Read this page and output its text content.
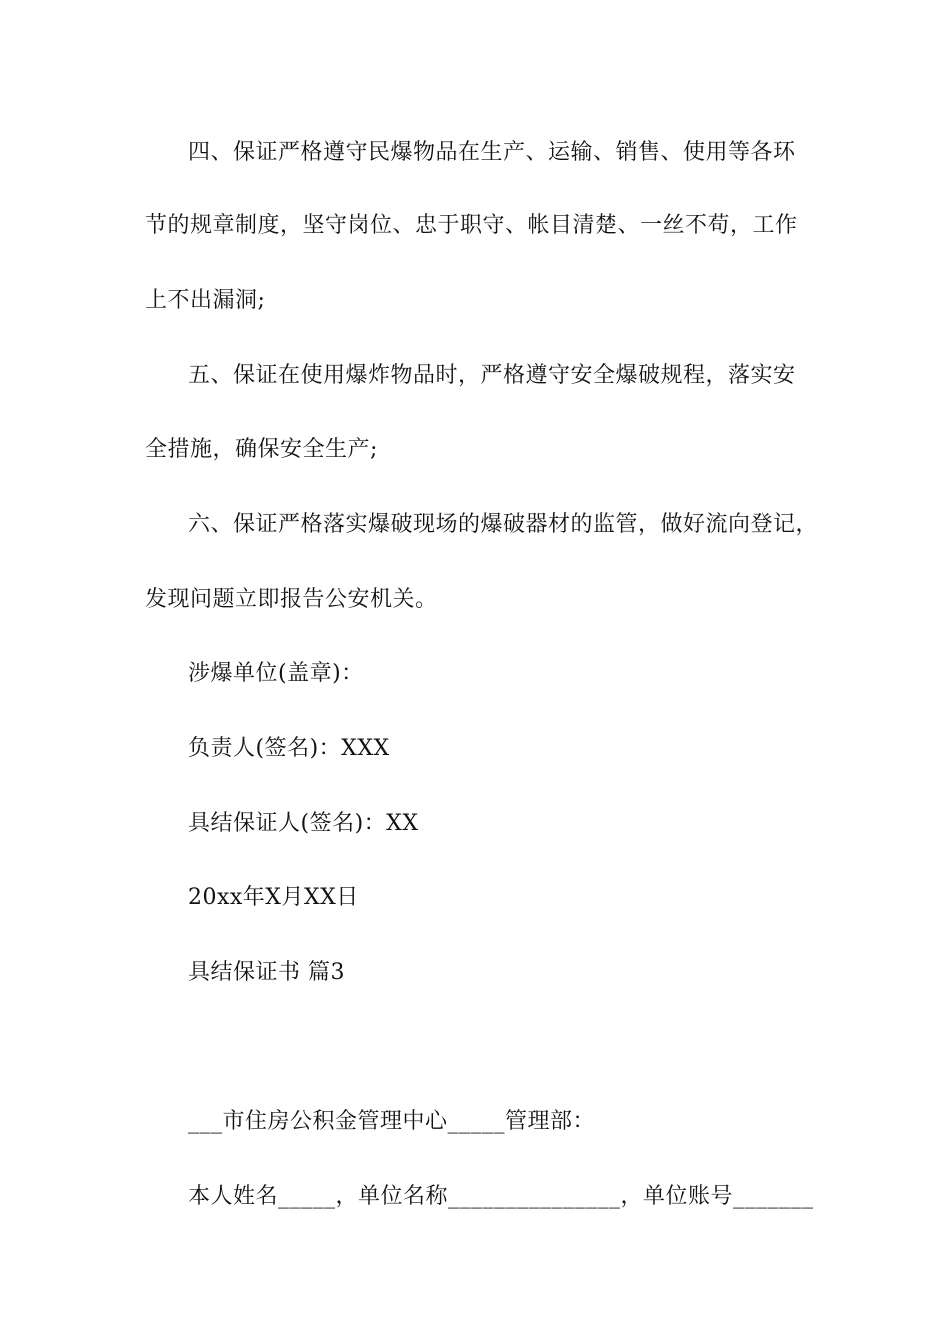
四、保证严格遵守民爆物品在生产、运输、销售、使用等各环
节的规章制度，坚守岗位、忠于职守、帐目清楚、一丝不苟，工作
上不出漏洞;
五、保证在使用爆炸物品时，严格遵守安全爆破规程，落实安
全措施，确保安全生产;
六、保证严格落实爆破现场的爆破器材的监管，做好流向登记，
发现问题立即报告公安机关。
涉爆单位(盖章)：
负责人(签名)：XXX
具结保证人(签名)：XX
20xx年X月XX日
具结保证书 篇3
___市住房公积金管理中心_____管理部：
本人姓名_____，单位名称_______________，单位账号_______
